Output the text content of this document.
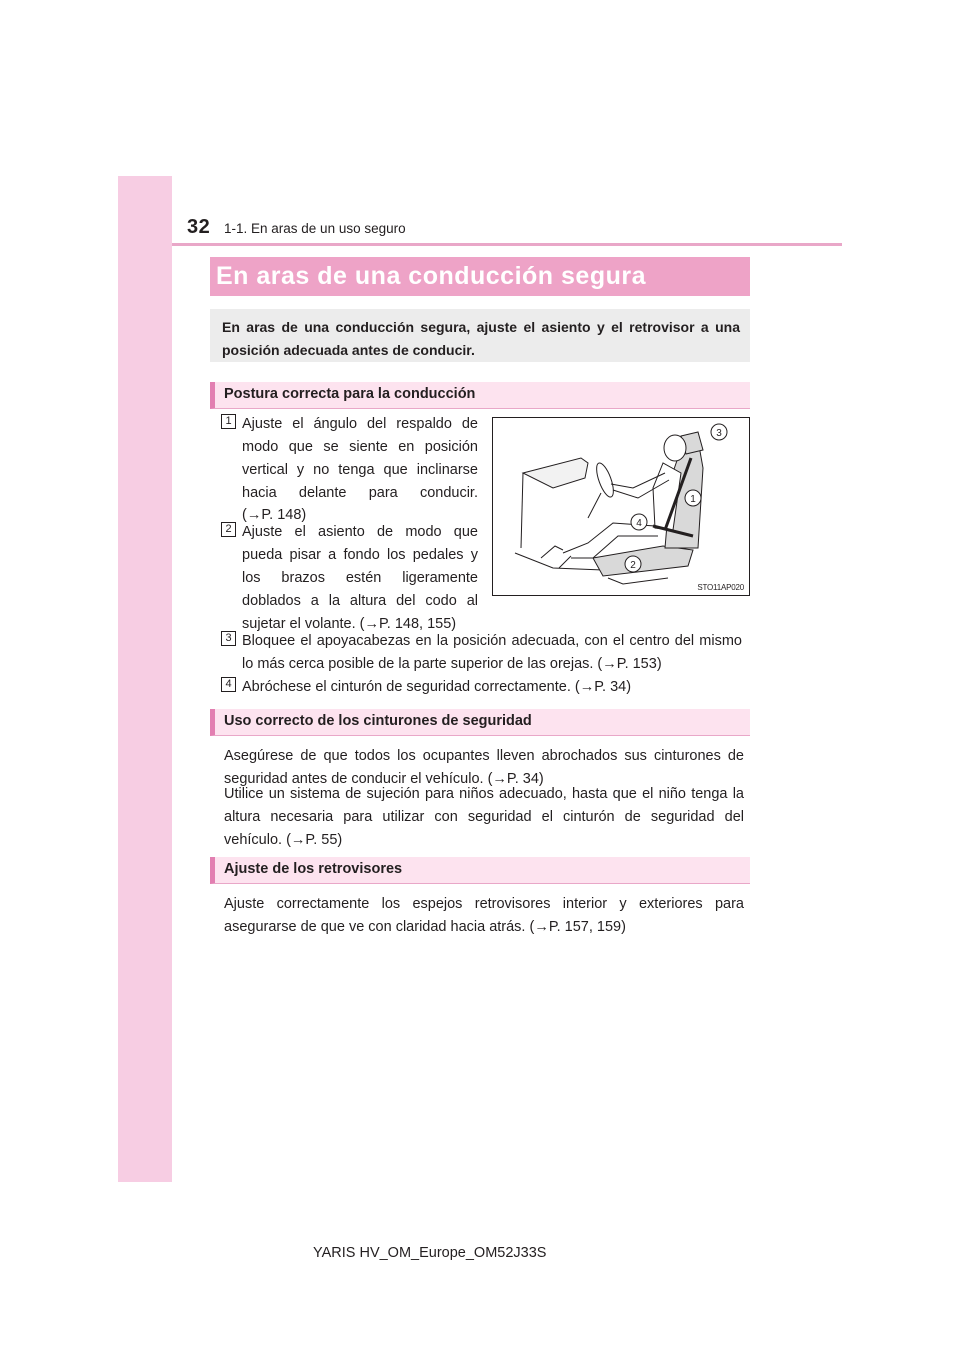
32 1-1. En aras de un uso seguro
En aras de una conducción segura
En aras de una conducción segura, ajuste el asiento y el retrovisor a una posición adecuada antes de conducir.
Postura correcta para la conducción
1 Ajuste el ángulo del respaldo de modo que se siente en posición vertical y no tenga que inclinarse hacia delante para conducir.
(→P. 148)
2 Ajuste el asiento de modo que pueda pisar a fondo los pedales y los brazos estén ligeramente doblados a la altura del codo al sujetar el volante. (→P. 148, 155)
3 Bloquee el apoyacabezas en la posición adecuada, con el centro del mismo lo más cerca posible de la parte superior de las orejas. (→P. 153)
4 Abróchese el cinturón de seguridad correctamente. (→P. 34)
3
1
4
2
STO11AP020
Uso correcto de los cinturones de seguridad
Asegúrese de que todos los ocupantes lleven abrochados sus cinturones de seguridad antes de conducir el vehículo. (→P. 34)
Utilice un sistema de sujeción para niños adecuado, hasta que el niño tenga la altura necesaria para utilizar con seguridad el cinturón de seguridad del vehículo. (→P. 55)
Ajuste de los retrovisores
Ajuste correctamente los espejos retrovisores interior y exteriores para asegurarse de que ve con claridad hacia atrás. (→P. 157, 159)
YARIS HV_OM_Europe_OM52J33S
